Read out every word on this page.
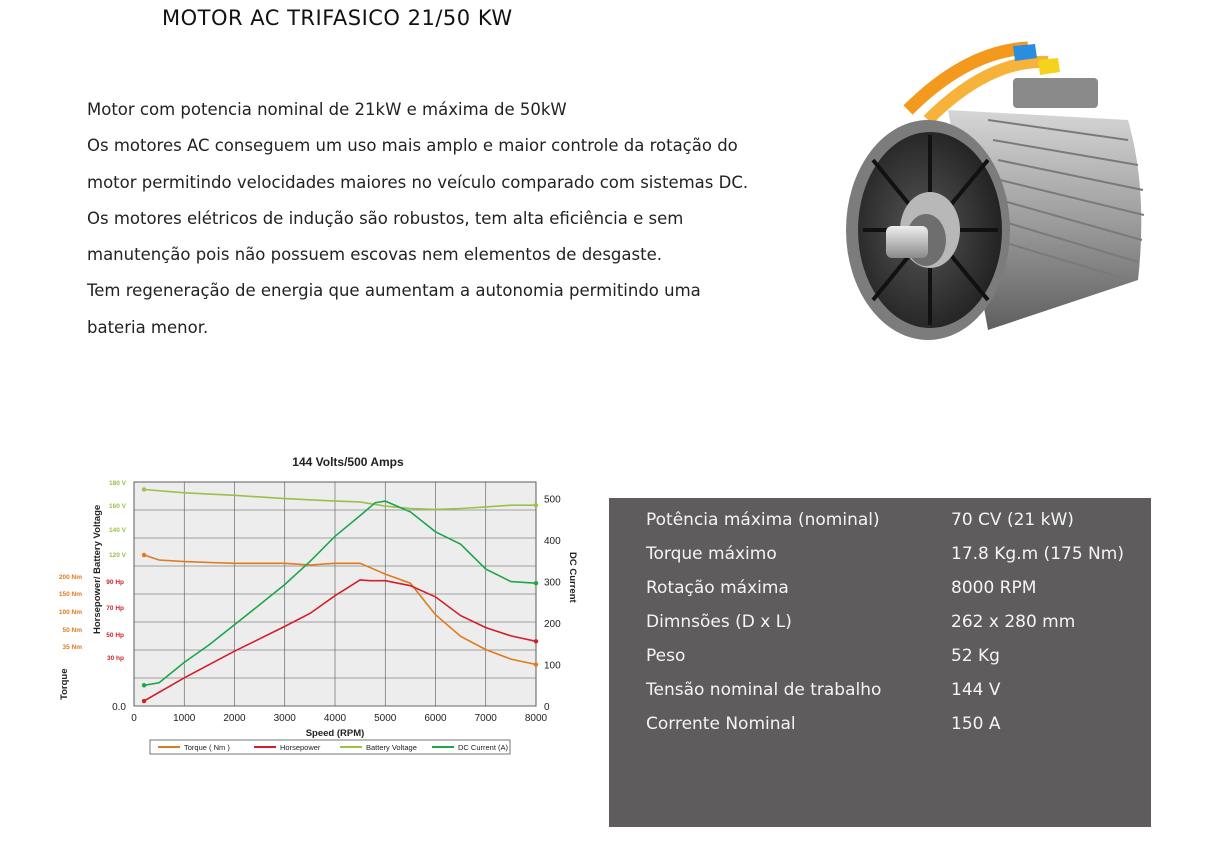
MOTOR AC TRIFASICO 21/50 KW
Motor com potencia nominal de 21kW e máxima de 50kW
Os motores AC conseguem um uso mais amplo e maior controle da rotação do
motor permitindo velocidades maiores no veículo comparado com sistemas DC.
Os motores elétricos de indução são robustos, tem alta eficiência e sem
manutenção pois não possuem escovas nem elementos de desgaste.
Tem regeneração de energia que aumentam a autonomia permitindo uma
bateria menor.
144 Volts/500 Amps
0	1000	2000	3000	4000	5000	6000	7000	8000
0
100
200
300
400
500
0.0
120 V
140 V
160 V
180 V
30 hp
50 Hp
70 Hp
90 Hp
35 Nm
50 Nm
100 Nm
150 Nm
200 Nm
Speed (RPM)
Horsepower/ Battery Voltage
Torque
DC Current
Torque ( Nm )	Horsepower	Battery Voltage	DC Current (A)
Potência máxima (nominal)	70 CV (21 kW)
Torque máximo	17.8 Kg.m (175 Nm)
Rotação máxima	8000 RPM
Dimnsões (D x L)	262 x 280 mm
Peso	52 Kg
Tensão nominal de trabalho	144 V
Corrente Nominal	150 A
